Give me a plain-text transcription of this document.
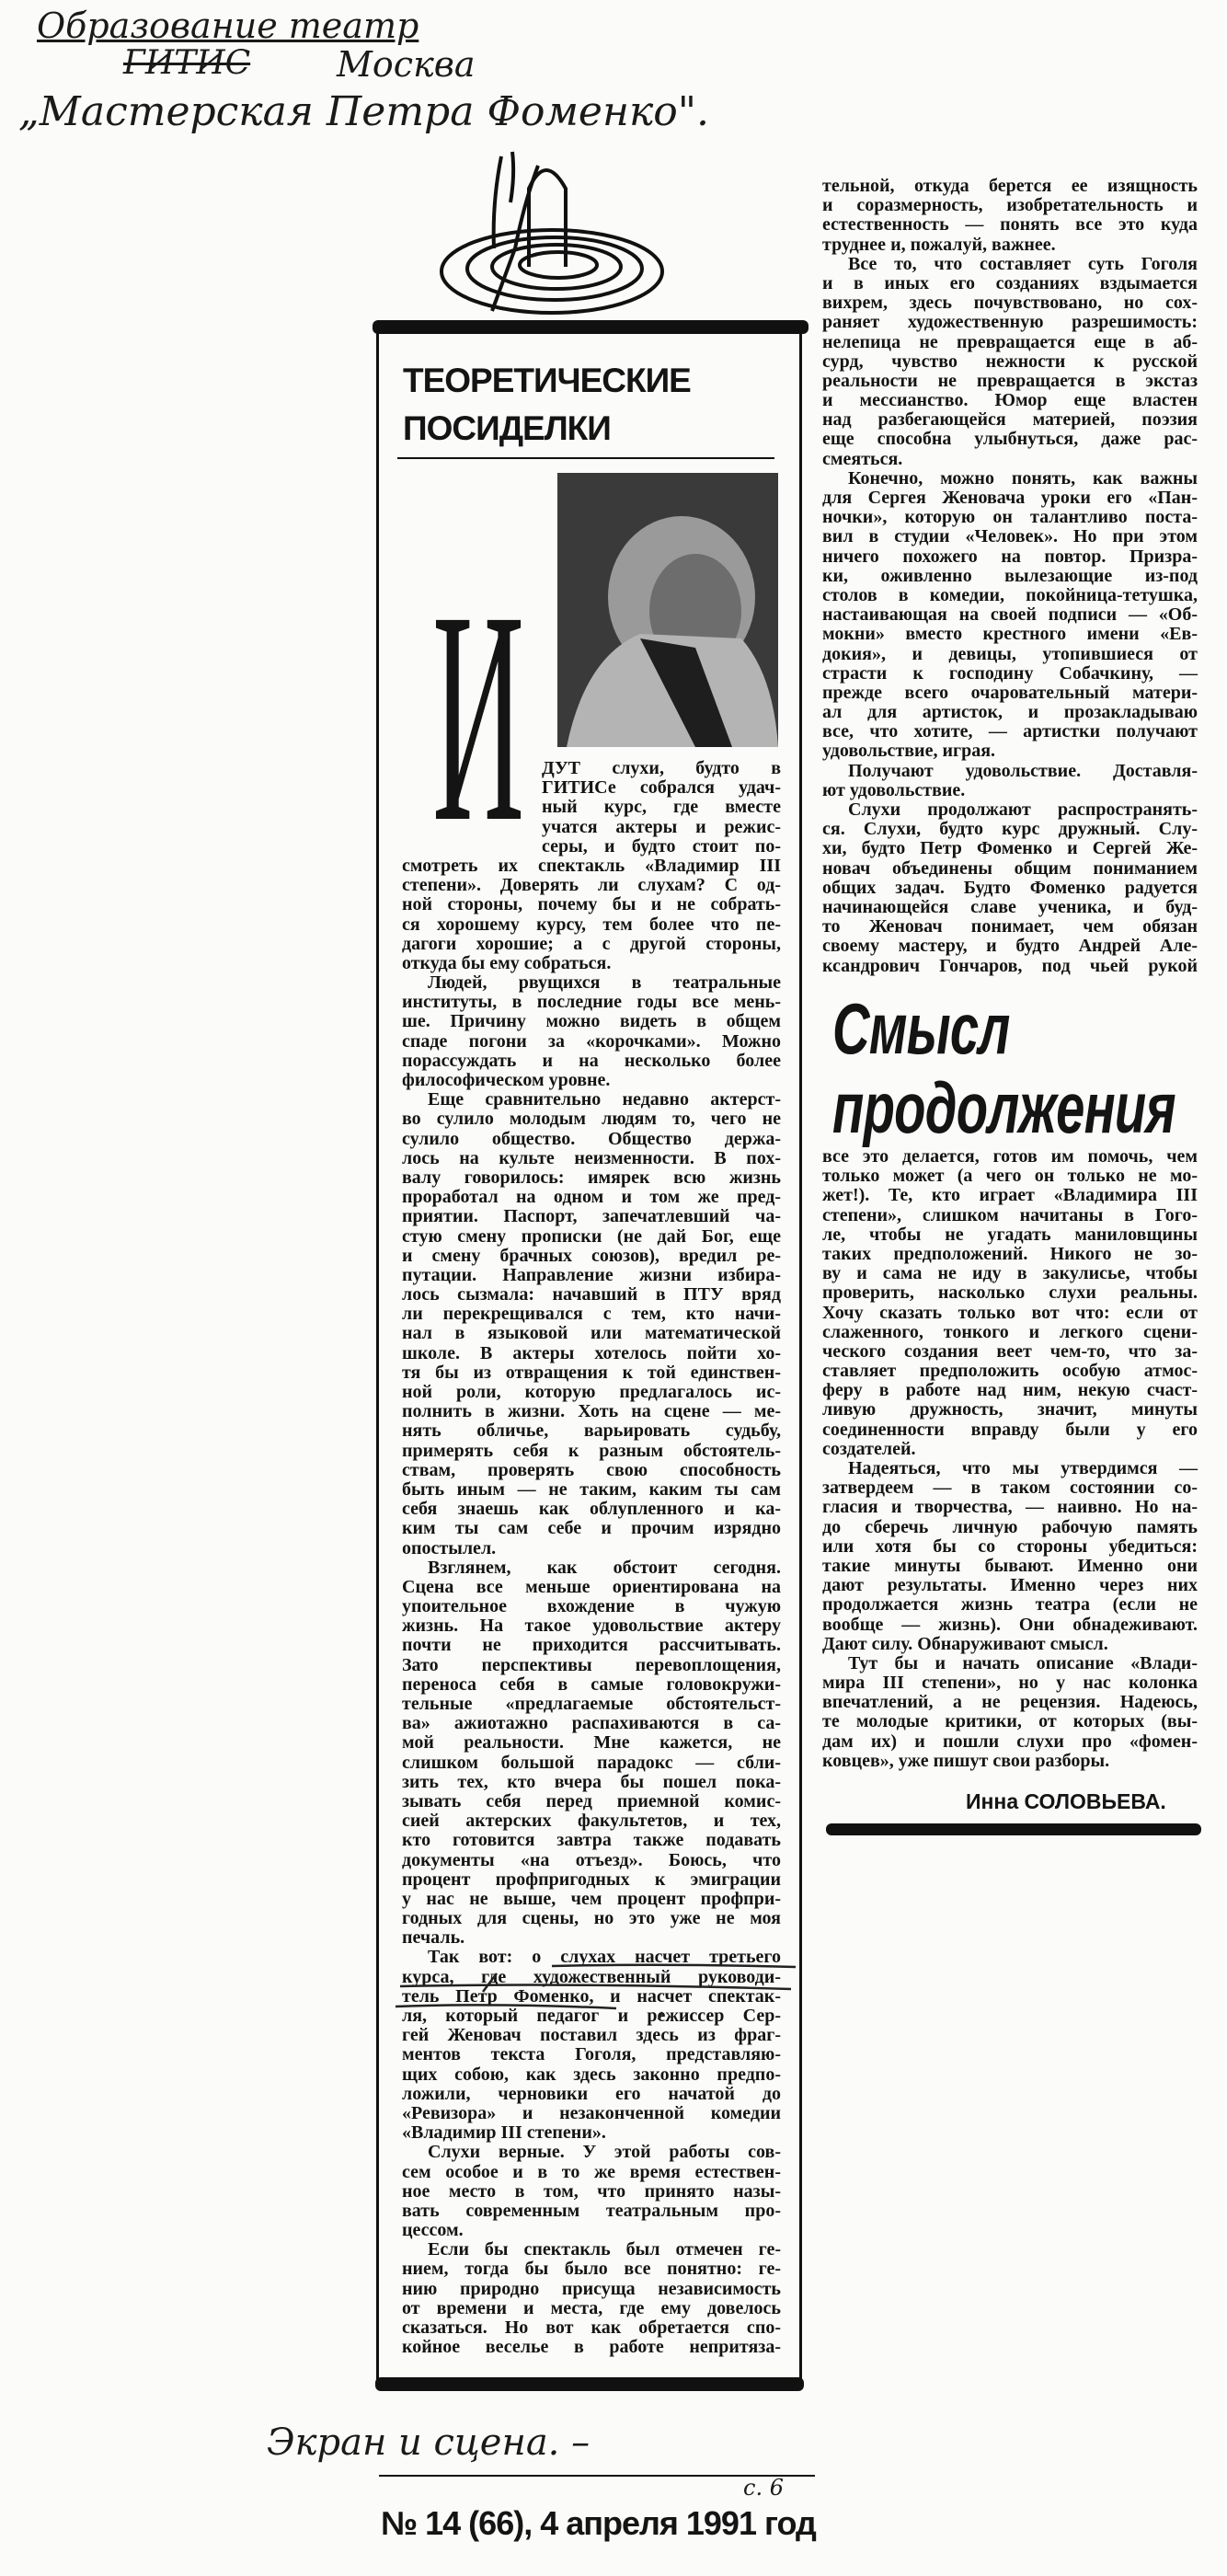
Образование театр
ГИТИС Москва
„Мастерская Петра Фоменко".
ТЕОРЕТИЧЕСКИЕ
ПОСИДЕЛКИ
И ДУТ слухи, будто в
ГИТИСе собрался удач-
ный курс, где вместе
учатся актеры и режис-
серы, и будто стоит по-
смотреть их спектакль «Владимир III
степени». Доверять ли слухам? С од-
ной стороны, почему бы и не собрать-
ся хорошему курсу, тем более что пе-
дагоги хорошие; а с другой стороны,
откуда бы ему собраться.
Людей, рвущихся в театральные
институты, в последние годы все мень-
ше. Причину можно видеть в общем
спаде погони за «корочками». Можно
порассуждать и на несколько более
философическом уровне.
Еще сравнительно недавно актерст-
во сулило молодым людям то, чего не
сулило общество. Общество держа-
лось на культе неизменности. В пох-
валу говорилось: имярек всю жизнь
проработал на одном и том же пред-
приятии. Паспорт, запечатлевший ча-
стую смену прописки (не дай Бог, еще
и смену брачных союзов), вредил ре-
путации. Направление жизни избира-
лось сызмала: начавший в ПТУ вряд
ли перекрещивался с тем, кто начи-
нал в языковой или математической
школе. В актеры хотелось пойти хо-
тя бы из отвращения к той единствен-
ной роли, которую предлагалось ис-
полнить в жизни. Хоть на сцене — ме-
нять обличье, варьировать судьбу,
примерять себя к разным обстоятель-
ствам, проверять свою способность
быть иным — не таким, каким ты сам
себя знаешь как облупленного и ка-
ким ты сам себе и прочим изрядно
опостылел.
Взглянем, как обстоит сегодня.
Сцена все меньше ориентирована на
упоительное вхождение в чужую
жизнь. На такое удовольствие актеру
почти не приходится рассчитывать.
Зато перспективы перевоплощения,
переноса себя в самые головокружи-
тельные «предлагаемые обстоятельст-
ва» ажиотажно распахиваются в са-
мой реальности. Мне кажется, не
слишком большой парадокс — сбли-
зить тех, кто вчера бы пошел пока-
зывать себя перед приемной комис-
сией актерских факультетов, и тех,
кто готовится завтра также подавать
документы «на отъезд». Боюсь, что
процент профпригодных к эмиграции
у нас не выше, чем процент профпри-
годных для сцены, но это уже не моя
печаль.
Так вот: о слухах насчет третьего
курса, где художественный руководи-
тель Петр Фоменко, и насчет спектак-
ля, который педагог и режиссер Сер-
гей Женовач поставил здесь из фраг-
ментов текста Гоголя, представляю-
щих собою, как здесь законно предпо-
ложили, черновики его начатой до
«Ревизора» и незаконченной комедии
«Владимир III степени».
Слухи верные. У этой работы сов-
сем особое и в то же время естествен-
ное место в том, что принято назы-
вать современным театральным про-
цессом.
Если бы спектакль был отмечен ге-
нием, тогда бы было все понятно: ге-
нию природно присуща независимость
от времени и места, где ему довелось
сказаться. Но вот как обретается спо-
койное веселье в работе непритяза-
тельной, откуда берется ее изящность
и соразмерность, изобретательность и
естественность — понять все это куда
труднее и, пожалуй, важнее.
Все то, что составляет суть Гоголя
и в иных его созданиях вздымается
вихрем, здесь почувствовано, но сох-
раняет художественную разрешимость:
нелепица не превращается еще в аб-
сурд, чувство нежности к русской
реальности не превращается в экстаз
и мессианство. Юмор еще властен
над разбегающейся материей, поэзия
еще способна улыбнуться, даже рас-
смеяться.
Конечно, можно понять, как важны
для Сергея Женовача уроки его «Пан-
ночки», которую он талантливо поста-
вил в студии «Человек». Но при этом
ничего похожего на повтор. Призра-
ки, оживленно вылезающие из-под
столов в комедии, покойница-тетушка,
настаивающая на своей подписи — «Об-
мокни» вместо крестного имени «Ев-
докия», и девицы, утопившиеся от
страсти к господину Собачкину, —
прежде всего очаровательный матери-
ал для артисток, и прозакладываю
все, что хотите, — артистки получают
удовольствие, играя.
Получают удовольствие. Доставля-
ют удовольствие.
Слухи продолжают распространять-
ся. Слухи, будто курс дружный. Слу-
хи, будто Петр Фоменко и Сергей Же-
новач объединены общим пониманием
общих задач. Будто Фоменко радуется
начинающейся славе ученика, и буд-
то Женовач понимает, чем обязан
своему мастеру, и будто Андрей Але-
ксандрович Гончаров, под чьей рукой
Смысл
продолжения
все это делается, готов им помочь, чем
только может (а чего он только не мо-
жет!). Те, кто играет «Владимира III
степени», слишком начитаны в Гого-
ле, чтобы не угадать маниловщины
таких предположений. Никого не зо-
ву и сама не иду в закулисье, чтобы
проверить, насколько слухи реальны.
Хочу сказать только вот что: если от
слаженного, тонкого и легкого сцени-
ческого создания веет чем-то, что за-
ставляет предположить особую атмос-
феру в работе над ним, некую счаст-
ливую дружность, значит, минуты
соединенности вправду были у его
создателей.
Надеяться, что мы утвердимся —
затвердеем — в таком состоянии со-
гласия и творчества, — наивно. Но на-
до сберечь личную рабочую память
или хотя бы со стороны убедиться:
такие минуты бывают. Именно они
дают результаты. Именно через них
продолжается жизнь театра (если не
вообще — жизнь). Они обнадеживают.
Дают силу. Обнаруживают смысл.
Тут бы и начать описание «Влади-
мира III степени», но у нас колонка
впечатлений, а не рецензия. Надеюсь,
те молодые критики, от которых (вы-
дам их) и пошли слухи про «фомен-
ковцев», уже пишут свои разборы.
Инна СОЛОВЬЕВА.
Экран и сцена. –
с. 6
№ 14 (66), 4 апреля 1991 год
